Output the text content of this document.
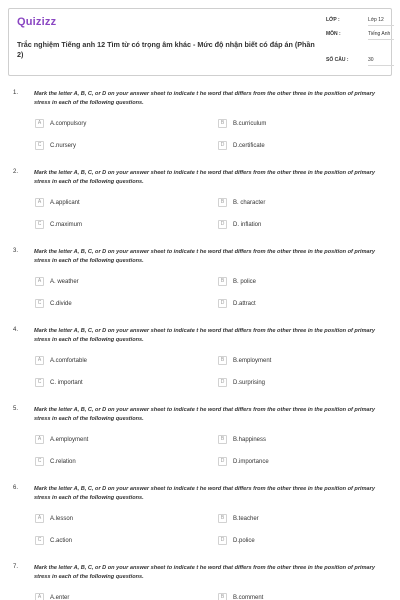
Quizizz
Trắc nghiệm Tiếng anh 12 Tìm từ có trọng âm khác - Mức độ nhận biết có đáp án (Phần 2)
LỚP :	Lớp 12
MÔN :	Tiếng Anh
SỐ CÂU :	30
1.	Mark the letter A, B, C, or D on your answer sheet to indicate t he word that differs from the other three in the position of primary stress in each of the following questions.
A	A.compulsory	B	B.curriculum
C	C.nursery	D	D.certificate
2.	Mark the letter A, B, C, or D on your answer sheet to indicate t he word that differs from the other three in the position of primary stress in each of the following questions.
A	A.applicant	B	B. character
C	C.maximum	D	D. inflation
3.	Mark the letter A, B, C, or D on your answer sheet to indicate t he word that differs from the other three in the position of primary stress in each of the following questions.
A	A. weather	B	B. police
C	C.divide	D	D.attract
4.	Mark the letter A, B, C, or D on your answer sheet to indicate t he word that differs from the other three in the position of primary stress in each of the following questions.
A	A.comfortable	B	B.employment
C	C. important	D	D.surprising
5.	Mark the letter A, B, C, or D on your answer sheet to indicate t he word that differs from the other three in the position of primary stress in each of the following questions.
A	A.employment	B	B.happiness
C	C.relation	D	D.importance
6.	Mark the letter A, B, C, or D on your answer sheet to indicate t he word that differs from the other three in the position of primary stress in each of the following questions.
A	A.lesson	B	B.teacher
C	C.action	D	D.police
7.	Mark the letter A, B, C, or D on your answer sheet to indicate t he word that differs from the other three in the position of primary stress in each of the following questions.
A	A.enter	B	B.comment
